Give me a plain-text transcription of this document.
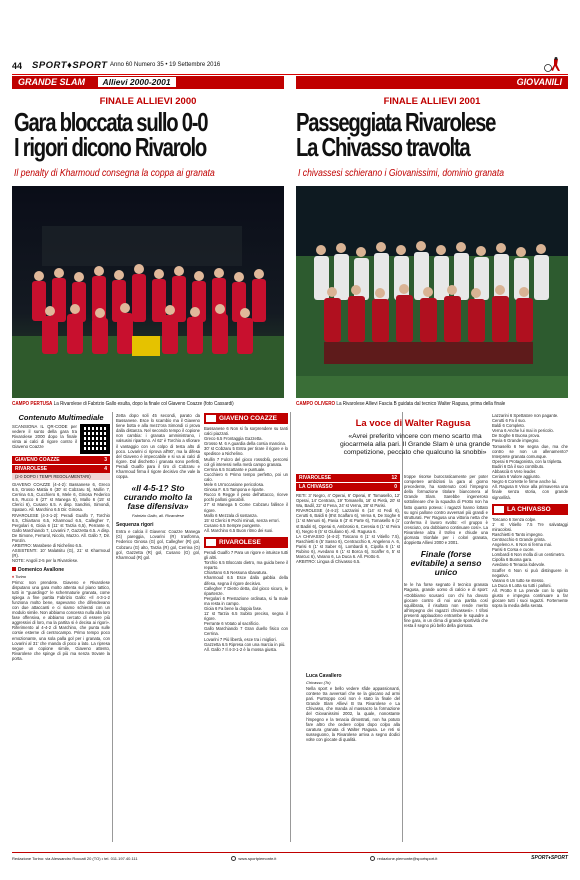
44 SPORT♦SPORT Anno 60 Numero 35 • 19 Settembre 2016
GRANDE SLAM Allievi 2000-2001	GIOVANILI
FINALE ALLIEVI 2000	FINALE ALLIEVI 2001
Gara bloccata sullo 0-0
I rigori dicono Rivarolo
Passeggiata Rivarolese
La Chivasso travolta
Il penalty di Kharmoud consegna la coppa ai granata	I chivassesi schierano i Giovanissimi, dominio granata
CAMPO PERTUSA La Rivarolese di Fabrizio Gallo esulta, dopo la finale col Giaveno Coazze (foto Cassardi)	CAMPO OLIVERO La Rivarolese Allievi Fascia B guidata dal tecnico Walter Ragusa, prima della finale
Contenuto Multimediale
SCANSIONA IL QR-CODE per vedere il sunto della gara tra Rivarolese 2000 dopo la finale vinta ai calci di rigore contro il Giaveno Coazze
GIAVENO COAZZE	3
RIVAROLESE	4
(2-0 DOPO I TEMPI REGOLAMENTARI)
GIAVENO COAZZE (4-4-2): Bassanese 6, Greco 6.5, Grosso Mattia 6 (30' st Cobzaru 5), Mullin 7, Cerrina 6.5, Cucchiero 6, Mele 6, Ginosa Federico 6.5, Rucco 6 (27' st Manega 5), Mallo 6 (15' st Clerici 6), Cusano 6.5. A disp. Sandrini, Simondi, Spataro. All. Marchino 6.5 Dir. Ginosa.
RIVAROLESE (4-3-1-2): Peradi Gualfo 7, Torchio 6.5, Chiartano 6.5, Kharmoud 6.5, Callegher 7, Pergolari 6, Gioia 6 (11' st Tarzia 6,5), Perrante 6, Gallo Marchiando 7, Lovarini 7, Gazzetta 6.5. A disp. De Simone, Ferrarol, Nicolo, Mazzo. All. Gallo 7, Dir. Ponzin.
ARBITRO: Marabese di Nichelino 6.5.
ASSISTENTI: 10' Malatsitu (G), 21' st Kharmoud (R).
NOTE: Angoli 2-5 per la Rivarolese.
Domenico Avallone
♦ Torino
Primo: non prendete. Giaveno e Rivarolese disputano una gara molto attenta sul piano tattico, tutti in "guardingo" le schermaturie granata, come spiega a fine partita Fabrizio Gallo: «Il 4-3-1-2 funziona molto bene, sapevamo che difendevano con due attaccanti e ci siamo schierati con un modulo simile. Non abbiamo concesso nulla alla loro fase offensiva, e abbiamo cercato di essere più aggressivi di loro, ma la partita si è decisa ai rigori». Riferimento al 4-4-2 di Marchino, che punta sulle corsie esterne di centrocampo. Primo tempo poco emozionante, una sola palla gol per i granata, con Lovarini al 31' che manda di poco a lato. La ripresa segue un copione simile, Giaveno attento, Rivarolese che spinge di più ma senza trovare la porta.
Zetta dopo soli 45 secondi, parato da Bassanese. Esce lo scambio ma il Giaveno tiene botta e alla mezz'ora Simondi ci prova dalla distanza. Nel secondo tempo il copione non cambia: i granata amministrano, i valsusini ripartono. Al 62' è Torchio a sfiorare il vantaggio con un colpo di testa alto di poco. Lovarini ci riprova all'80', ma la difesa del Giaveno è impeccabile e si va ai calci di rigore. Dal dischetto i granata sono perfetti, Peradi Gualfo para il tiro di Cobzaru e Kharmoud firma il rigore decisivo che vale la coppa.
«Il 4-5-1? Sto curando molto la fase difensiva»
Fabrizio Gallo, all. Rivarolese
Sequenza rigori
Entra e calcia il Giaveno: Coazze Manega (G) pareggia, Lovarini (R) trasforma, Federico Ginosa (G) gol, Callegher (R) gol, Cobzaru (G) alto, Tarzia (R) gol, Cerrina (G) gol, Gazzetta (R) gol, Cusano (G) gol, Kharmoud (R) gol.
GIAVENO COAZZE
Bassanese 6 Non si fa sorprendere su tanti calci piazzati.
Greco 6.5 Frontaggia Gazzetta.
Grosso M. 6 A guardia della corsia mancina.
30' st Cobzaru 5 Entra per tirare il rigore e lo spedisce a Nichelino.
Mullin 7 Fulcro del gioco rossoblù, percorsi col gli interessi nella metà campo granata.
Cerrina 6.5 Scattante e puntuale.
Cucchiero 6 Primo tempo perfetto, poi un calo.
Mele 6 Un'occasione pericolosa.
Ginosa F. 6.5 Tampona e riparte.
Rucco 6 Regge il peso dell'attacco, riceve pochi palloni giocabili.
27' st Manega 5 Come Cobzaru fallisce il rigore.
Mallo 6 Mezzala di sostanza.
15' st Clerici 6 Pochi minuti, senza errori.
Cusano 6.5 Sempre pungente.
All. Marchino 6.5 Buon ritmo dei suoi.
RIVAROLESE
Peradi Gualfo 7 Para un rigore e intuisce tutti gli altri.
Torchio 6.5 Bloccato dietro, ma guida bene il reparto.
Chiartano 6.5 Nessuna sbavatura.
Kharmoud 6.5 Esce dalla gabbia della difesa, segna il rigore decisivo.
Callegher 7 Dietro detta, dal gioco sicuro, le ripartenze.
Pergolari 6 Prestazione ordinata, si fa male ma resta in campo.
Gioia 6 Fa bene la doppia fase.
11' st Tarzia 6.5 Subito preciso, segna il rigore.
Perrante 6 Votato al sacrificio.
Gallo Marchiando 7 Gran duello fisico con Cerrina.
Lovarini 7 Più libertà, esce tra i migliori.
Gazzetta 6.5 Ripresa con una marcia in più.
All. Gallo 7 Il 4-3-1-2 è la mossa giusta.
La voce di Walter Ragusa
«Avrei preferito vincere con meno scarto ma giocarmela alla pari. Il Grande Slam è una grande competizione, peccato che qualcuno la snobbi»
RIVAROLESE	12
LA CHIVASSO	0
RETI: 3' Negro, 4' Operai, 6' Operai, 8' Tomasello, 12' Operai, 14' Centrara, 19' Tomasello, 16' st Pietà, 20' st Wa, Badil, 22' st Fena, 24' st Verna, 28' st Parisi.
RIVAROLESE (4-4-2): Lazzarini 6 (14' st Fedi 6), Cerutti 6, Baldi 6 (8'st Scalfaro 6), Verna 6, De Soghe 6 (1' st Menuni 6), Pavia 6 (3' st Parte 6), Tomasello 6 (1' st Badiri 6), Operai 6, Ambrosio 6, Ceresia 6 (1' st Feira 6), Negro 6 (5' st Giuliano 6). All. Ragusa 6.
LA CHIVASSO (4-4-2): Toscano 6 (1' st Vitiello 7.5), Raschietti 6 (5' Sasso 6), Centracchio 6, Angeleno A. 6, Parisi 6 (1' st Saber 6), Lombardi 6, Cipolla 6 (1' st Rubino 6), Avedano 6 (1' st Borca 6), Scaffer 6, 5' st Marcuc 6), Varano 6, La Duca 6. All. Protto 6.
ARBITRO: Lingua di Chivasso 6.5.
Luca Cavallero
Chivasso (To)
Nella sport e bello vedere sfide appassionanti, contese tra avversari che se la giocano ad armi pari. Purtroppo così non è stato la finale del Grande Slam Allievi B tra Rivarolese e La Chivasso, che manda al massacro la formazione del Giovanissimi 2002, la quale, nonostante l'impegno e la tenacia dimostrati, non ha potuto fare altro che cedere colpo dopo colpo alla caratura granata di Walter Ragusa. Le reti si susseguono, la Rivarolese arriva a segno dodici volte con giocate di qualità.
troppe risorse burocraticamente per poter competere ambiziosi la gara al giorno precedente, ha sostenuto così l'impegno della formazione titolare bianconera al Grande Slam. Sarebbe ingeneroso sottolineare che la squadra di Protto non ha fatto quanto poteva: i ragazzi hanno lottato su ogni pallone contro avversari più grandi e strutturati. Per Ragusa una vittoria netta che conferma il lavoro svolto: «Il gruppo è cresciuto, ora dobbiamo continuare così». La Rivarolese alza il trofeo e chiude una giornata trionfale per i colori granata, doppietta Allievi 2000 e 2001.
Finale (forse evitabile) a senso unico
te le ha forse segnato il tecnico granata Ragusa, grande uomo di calcio e di sport: «Dobbiamo scusarci con chi ha dovuto giocare contro di noi una partita così squilibrata, il risultato non rende merito all'impegno dei ragazzi chivassesi». I tifosi presenti applaudono entrambe le squadre a fine gara, in un clima di grande sportività che resta il segno più bello della giornata.
Lazzarini 6 Spettatore non pagante.
Cerutti 6 Fa il suo.
Baldi 6 Completo.
Verna 6 Anche lui mai in pericolo.
De Soghe 6 Buona prova.
Pavia 6 Grande impegno.
Tomasello 6 Ne segna due, ma che contro se non un allenamento? Interprete granata comunque.
Operai 6 Protagonista, con la tripletta.
Badiri 6 Dà il suo contributo.
Abbascià 6 Vero leader.
Ceriara 6 Valore aggiunto.
Negro 6 Corrette le firme anche lui.
All. Ragusa 8 Vince alla primaversa una finale senza storia, con grande signorilità.
LA CHIVASSO
Toscano 6 Senza colpe.
1' st Vitiello 7.5 Tre salvataggi miracolosi.
Raschietti 6 Tanto impegno.
Centracchio 6 Grande grinta.
Angeleno A. 6 Non si ferma mai.
Parisi 6 Corsa e cuore.
Lombardi 6 Non molla di un centimetro.
Cipolla 6 Buona gara.
Avedano 6 Tenacia lodevole.
Scaffer 6 Non si può distinguere in negativo.
Varano 6 Un tutto se stesso.
La Duca 6 Lotta su tutti i palloni.
All. Protto 8 La prende con lo spirito giusto e impegna continuare a far giocare tutti i suoi ragazzi. Fortemente sopra la media della serata.
Redazione Torino: via Alessandro Roccati 20 (TO) • tel. 011.197.40.111	www.sportpiemonte.it	redazione.piemonte@sportsport.it	SPORT♦SPORT
